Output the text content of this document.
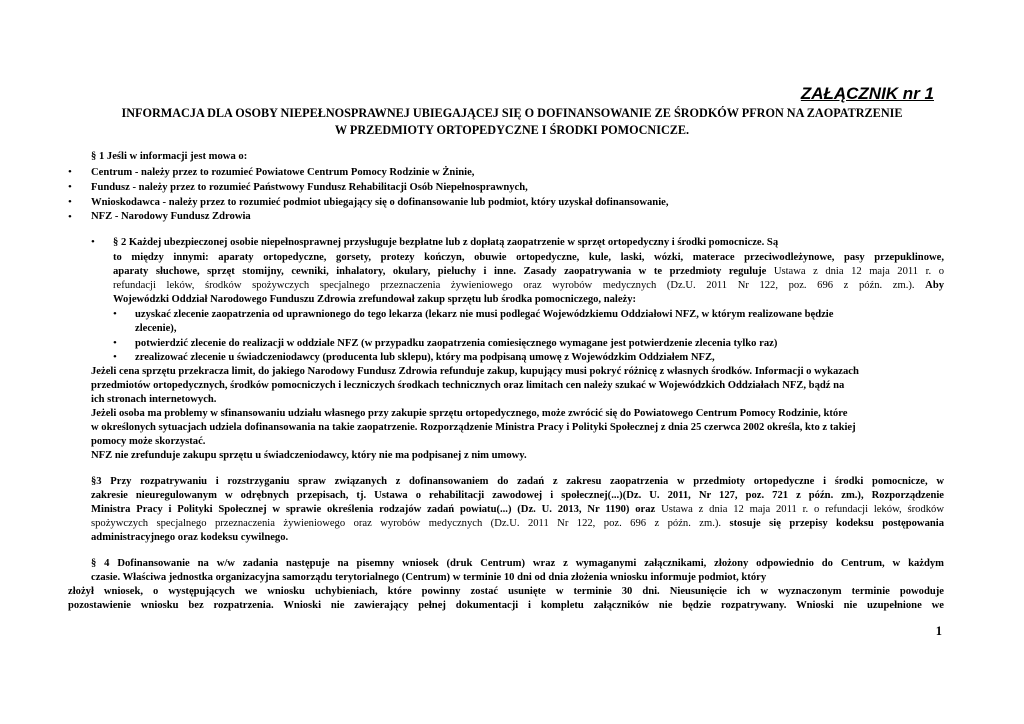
ZAŁĄCZNIK nr 1
INFORMACJA DLA OSOBY NIEPEŁNOSPRAWNEJ UBIEGAJĄCEJ SIĘ O DOFINANSOWANIE ZE ŚRODKÓW PFRON NA ZAOPATRZENIE
W PRZEDMIOTY ORTOPEDYCZNE I ŚRODKI POMOCNICZE.
§ 1 Jeśli w informacji jest mowa o:
• Centrum - należy przez to rozumieć Powiatowe Centrum Pomocy Rodzinie w Żninie,
• Fundusz - należy przez to rozumieć Państwowy Fundusz Rehabilitacji Osób Niepełnosprawnych,
• Wnioskodawca - należy przez to rozumieć podmiot ubiegający się o dofinansowanie lub podmiot, który uzyskał dofinansowanie,
• NFZ - Narodowy Fundusz Zdrowia
• § 2 Każdej ubezpieczonej osobie niepełnosprawnej przysługuje bezpłatne lub z dopłatą zaopatrzenie w sprzęt ortopedyczny i środki pomocnicze. Są
to między innymi: aparaty ortopedyczne, gorsety, protezy kończyn, obuwie ortopedyczne, kule, laski, wózki, materace przeciwodleżynowe, pasy przepuklinowe,
aparaty słuchowe, sprzęt stomijny, cewniki, inhalatory, okulary, pieluchy i inne. Zasady zaopatrywania w te przedmioty reguluje Ustawa z dnia 12 maja 2011 r. o
refundacji leków, środków spożywczych specjalnego przeznaczenia żywieniowego oraz wyrobów medycznych (Dz.U. 2011 Nr 122, poz. 696 z późn. zm.). Aby
Wojewódzki Oddział Narodowego Funduszu Zdrowia zrefundował zakup sprzętu lub środka pomocniczego, należy:
• uzyskać zlecenie zaopatrzenia od uprawnionego do tego lekarza (lekarz nie musi podlegać Wojewódzkiemu Oddziałowi NFZ, w którym realizowane będzie
zlecenie),
• potwierdzić zlecenie do realizacji w oddziale NFZ (w przypadku zaopatrzenia comiesięcznego wymagane jest potwierdzenie zlecenia tylko raz)
• zrealizować zlecenie u świadczeniodawcy (producenta lub sklepu), który ma podpisaną umowę z Wojewódzkim Oddziałem NFZ,
Jeżeli cena sprzętu przekracza limit, do jakiego Narodowy Fundusz Zdrowia refunduje zakup, kupujący musi pokryć różnicę z własnych środków. Informacji o wykazach
przedmiotów ortopedycznych, środków pomocniczych i leczniczych środkach technicznych oraz limitach cen należy szukać w Wojewódzkich Oddziałach NFZ, bądź na
ich stronach internetowych.
Jeżeli osoba ma problemy w sfinansowaniu udziału własnego przy zakupie sprzętu ortopedycznego, może zwrócić się do Powiatowego Centrum Pomocy Rodzinie, które
w określonych sytuacjach udziela dofinansowania na takie zaopatrzenie. Rozporządzenie Ministra Pracy i Polityki Społecznej z dnia 25 czerwca 2002 określa, kto z takiej
pomocy może skorzystać.
NFZ nie zrefunduje zakupu sprzętu u świadczeniodawcy, który nie ma podpisanej z nim umowy.
§3 Przy rozpatrywaniu i rozstrzyganiu spraw związanych z dofinansowaniem do zadań z zakresu zaopatrzenia w przedmioty ortopedyczne i środki pomocnicze, w
zakresie nieuregulowanym w odrębnych przepisach, tj. Ustawa o rehabilitacji zawodowej i społecznej(...)(Dz. U. 2011, Nr 127, poz. 721 z późn. zm.), Rozporządzenie
Ministra Pracy i Polityki Społecznej w sprawie określenia rodzajów zadań powiatu(...) (Dz. U. 2013, Nr 1190) oraz Ustawa z dnia 12 maja 2011 r. o refundacji leków, środków
spożywczych specjalnego przeznaczenia żywieniowego oraz wyrobów medycznych (Dz.U. 2011 Nr 122, poz. 696 z późn. zm.). stosuje się przepisy kodeksu postępowania
administracyjnego oraz kodeksu cywilnego.
§ 4 Dofinansowanie na w/w zadania następuje na pisemny wniosek (druk Centrum) wraz z wymaganymi załącznikami, złożony odpowiednio do Centrum, w każdym
czasie. Właściwa jednostka organizacyjna samorządu terytorialnego (Centrum) w terminie 10 dni od dnia złożenia wniosku informuje podmiot, który
złożył wniosek, o występujących we wniosku uchybieniach, które powinny zostać usunięte w terminie 30 dni. Nieusunięcie ich w wyznaczonym terminie powoduje
pozostawienie wniosku bez rozpatrzenia. Wnioski nie zawierający pełnej dokumentacji i kompletu załączników nie będzie rozpatrywany. Wnioski nie uzupełnione we
1
